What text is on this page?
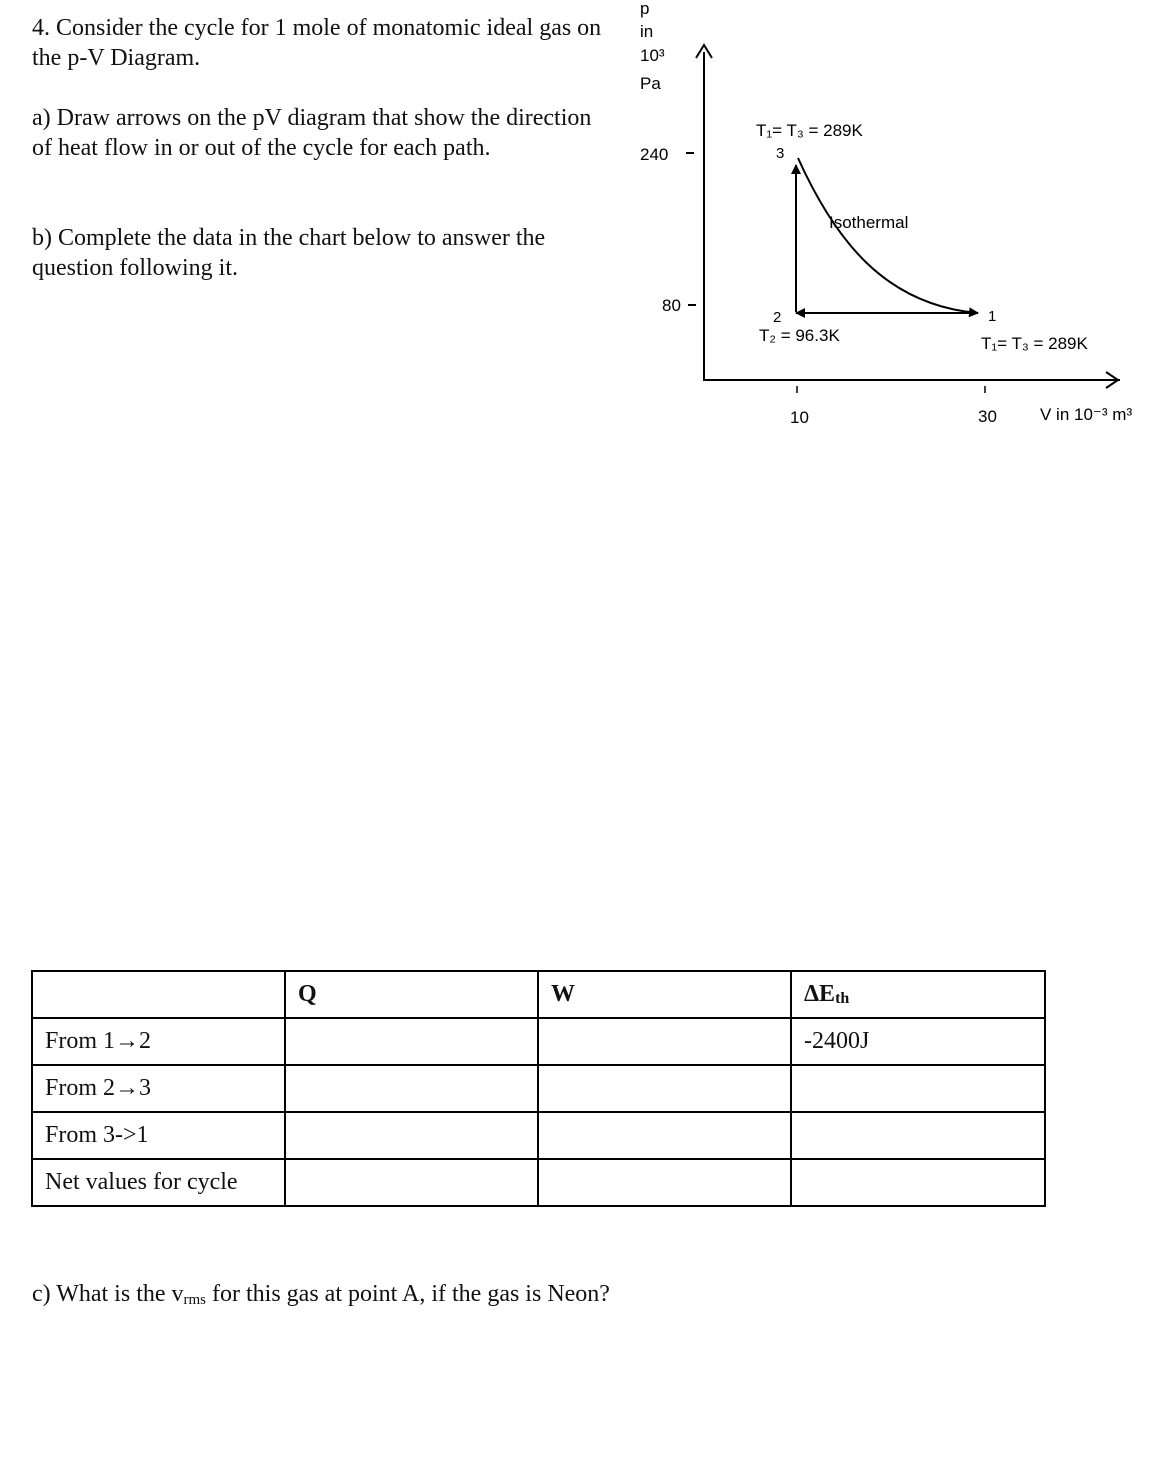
4. Consider the cycle for 1 mole of monatomic ideal gas on the p-V Diagram.
a) Draw arrows on the pV diagram that show the direction of heat flow in or out of the cycle for each path.
b) Complete the data in the chart below to answer the question following it.
p
in
10³
Pa
240
80
10	30	V in 10⁻³ m³
3
2	1
Isothermal
T₁= T₃ = 289K
T₂ = 96.3K	T₁= T₃ = 289K
	Q	W	$\Delta E_{th}$
From 1→2			-2400J
From 2→3			
From 3->1			
Net values for cycle			
c) What is the $v_{rms}$ for this gas at point A, if the gas is Neon?
